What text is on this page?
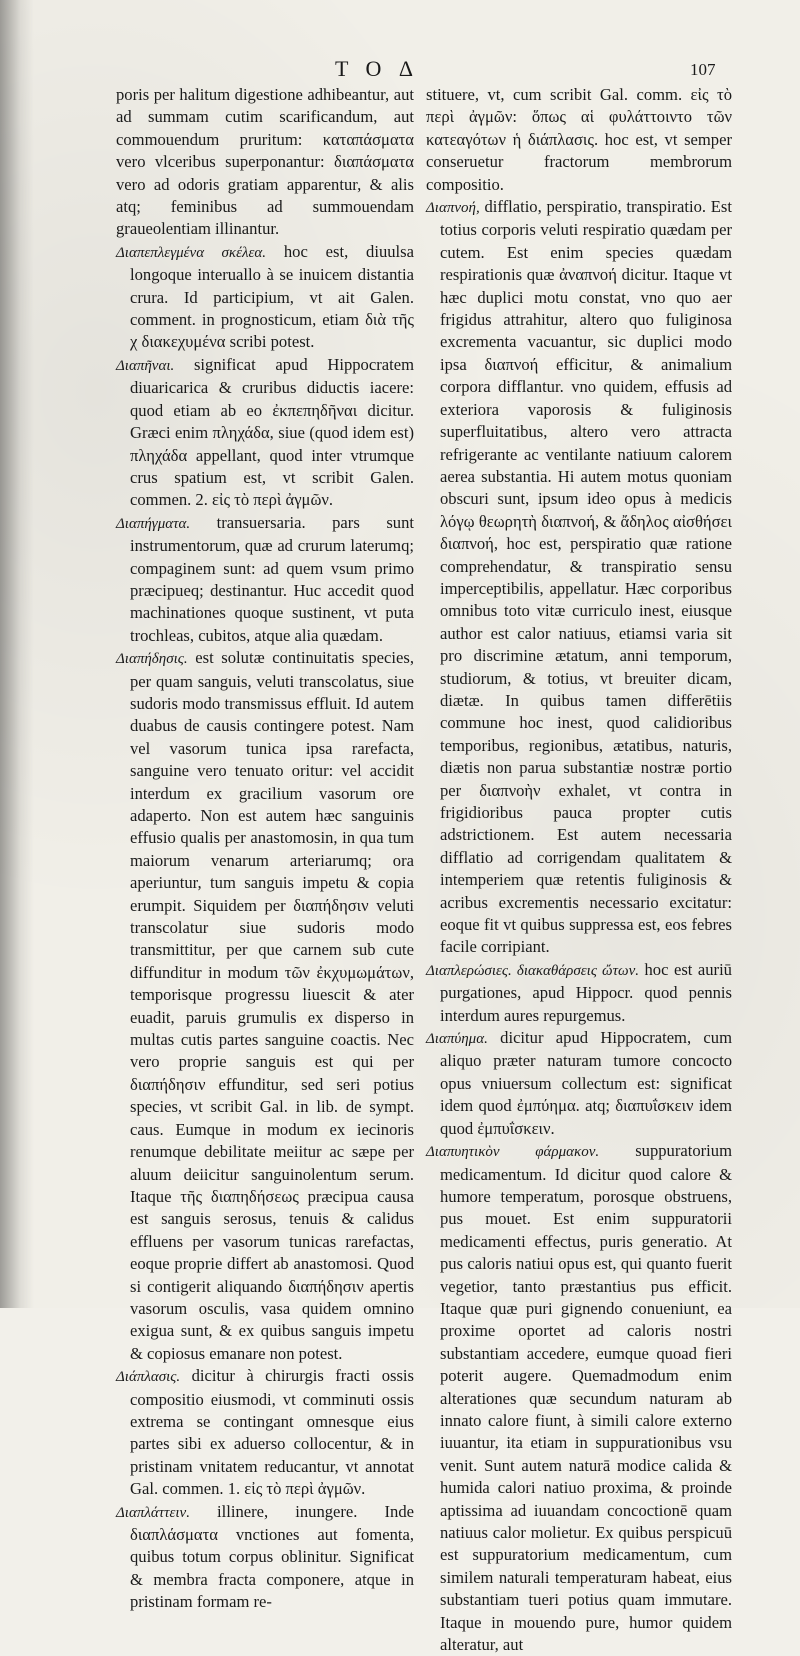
T O Δ	107

poris per halitum digestione adhibeantur, aut ad summam cutim scarificandum, aut commouendum pruritum: καταπάσματα vero vlceribus superponantur: διαπάσματα vero ad odoris gratiam apparentur, & alis atq; feminibus ad summouendam graueolentiam illinantur.

Διαπεπλεγμένα σκέλεα. hoc est, diuulsa longoque interuallo à se inuicem distantia crura. Id participium, vt ait Galen. comment. in prognosticum, etiam διὰ τῆς χ διακεχυμένα scribi potest.

Διαπῆναι. significat apud Hippocratem diuaricarica & cruribus diductis iacere: quod etiam ab eo ἐκπεπηδῆναι dicitur. Græci enim πληχάδα, siue (quod idem est) πληχάδα appellant, quod inter vtrumque crus spatium est, vt scribit Galen. commen. 2. εἰς τὸ περὶ ἀγμῶν.

Διαπήγματα. transuersaria. pars sunt instrumentorum, quæ ad crurum laterumq; compaginem sunt: ad quem vsum primo præcipueq; destinantur. Huc accedit quod machinationes quoque sustinent, vt puta trochleas, cubitos, atque alia quædam.

Διαπήδησις. est solutæ continuitatis species, per quam sanguis, veluti transcolatus, siue sudoris modo transmissus effluit. Id autem duabus de causis contingere potest. Nam vel vasorum tunica ipsa rarefacta, sanguine vero tenuato oritur: vel accidit interdum ex gracilium vasorum ore adaperto. Non est autem hæc sanguinis effusio qualis per anastomosin, in qua tum maiorum venarum arteriarumq; ora aperiuntur, tum sanguis impetu & copia erumpit. Siquidem per διαπήδησιν veluti transcolatur siue sudoris modo transmittitur, per que carnem sub cute diffunditur in modum τῶν ἐκχυμωμάτων, temporisque progressu liuescit & ater euadit, paruis grumulis ex disperso in multas cutis partes sanguine coactis. Nec vero proprie sanguis est qui per διαπήδησιν effunditur, sed seri potius species, vt scribit Gal. in lib. de sympt. caus. Eumque in modum ex iecinoris renumque debilitate meiitur ac sæpe per aluum deiicitur sanguinolentum serum. Itaque τῆς διαπηδήσεως præcipua causa est sanguis serosus, tenuis & calidus effluens per vasorum tunicas rarefactas, eoque proprie differt ab anastomosi. Quod si contigerit aliquando διαπήδησιν apertis vasorum osculis, vasa quidem omnino exigua sunt, & ex quibus sanguis impetu & copiosus emanare non potest.

Διάπλασις. dicitur à chirurgis fracti ossis compositio eiusmodi, vt comminuti ossis extrema se contingant omnesque eius partes sibi ex aduerso collocentur, & in pristinam vnitatem reducantur, vt annotat Gal. commen. 1. εἰς τὸ περὶ ἀγμῶν.

Διαπλάττειν. illinere, inungere. Inde διαπλάσματα vnctiones aut fomenta, quibus totum corpus oblinitur. Significat & membra fracta componere, atque in pristinam formam re-

stituere, vt, cum scribit Gal. comm. εἰς τὸ περὶ ἀγμῶν: ὅπως αἱ φυλάττοιντο τῶν κατεαγότων ἡ διάπλασις. hoc est, vt semper conseruetur fractorum membrorum compositio.

Διαπνοή, difflatio, perspiratio, transpiratio. Est totius corporis veluti respiratio quædam per cutem. Est enim species quædam respirationis quæ ἀναπνοή dicitur. Itaque vt hæc duplici motu constat, vno quo aer frigidus attrahitur, altero quo fuliginosa excrementa vacuantur, sic duplici modo ipsa διαπνοή efficitur, & animalium corpora difflantur. vno quidem, effusis ad exteriora vaporosis & fuliginosis superfluitatibus, altero vero attracta refrigerante ac ventilante natiuum calorem aerea substantia. Hi autem motus quoniam obscuri sunt, ipsum ideo opus à medicis λόγῳ θεωρητὴ διαπνοή, & ἄδηλος αἰσθήσει διαπνοή, hoc est, perspiratio quæ ratione comprehendatur, & transpiratio sensu imperceptibilis, appellatur. Hæc corporibus omnibus toto vitæ curriculo inest, eiusque author est calor natiuus, etiamsi varia sit pro discrimine ætatum, anni temporum, studiorum, & totius, vt breuiter dicam, diætæ. In quibus tamen differētiis commune hoc inest, quod calidioribus temporibus, regionibus, ætatibus, naturis, diætis non parua substantiæ nostræ portio per διαπνοὴν exhalet, vt contra in frigidioribus pauca propter cutis adstrictionem. Est autem necessaria difflatio ad corrigendam qualitatem & intemperiem quæ retentis fuliginosis & acribus excrementis necessario excitatur: eoque fit vt quibus suppressa est, eos febres facile corripiant.

Διαπλερώσιες. διακαθάρσεις ὤτων. hoc est auriū purgationes, apud Hippocr. quod pennis interdum aures repurgemus.

Διαπύημα. dicitur apud Hippocratem, cum aliquo præter naturam tumore concocto opus vniuersum collectum est: significat idem quod ἐμπύημα. atq; διαπυΐσκειν idem quod ἐμπυΐσκειν.

Διαπυητικὸν φάρμακον. suppuratorium medicamentum. Id dicitur quod calore & humore temperatum, porosque obstruens, pus mouet. Est enim suppuratorii medicamenti effectus, puris generatio. At pus caloris natiui opus est, qui quanto fuerit vegetior, tanto præstantius pus efficit. Itaque quæ puri gignendo conueniunt, ea proxime oportet ad caloris nostri substantiam accedere, eumque quoad fieri poterit augere. Quemadmodum enim alterationes quæ secundum naturam ab innato calore fiunt, à simili calore externo iuuantur, ita etiam in suppurationibus vsu venit. Sunt autem naturā modice calida & humida calori natiuo proxima, & proinde aptissima ad iuuandam concoctionē quam natiuus calor molietur. Ex quibus perspicuū est suppuratorium medicamentum, cum similem naturali temperaturam habeat, eius substantiam tueri potius quam immutare. Itaque in mouendo pure, humor quidem alteratur, aut
